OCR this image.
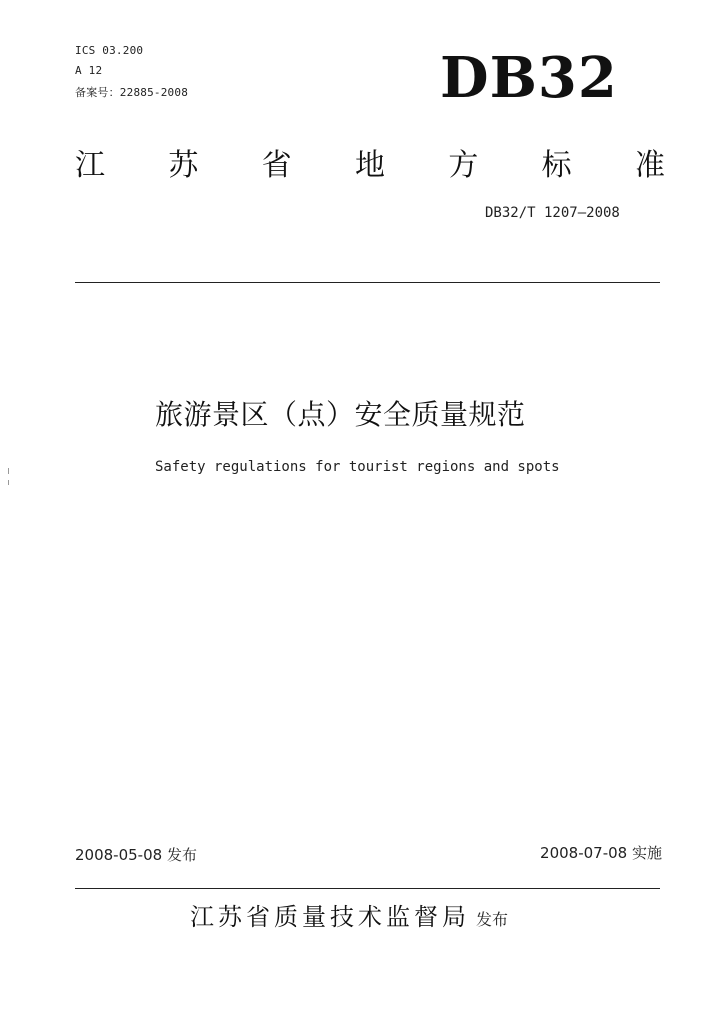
ICS 03.200
A 12
备案号：22885-2008	DB32
江 苏 省 地 方 标 准
DB32/T 1207—2008
旅游景区（点）安全质量规范
Safety regulations for tourist regions and spots
2008-05-08 发布	2008-07-08 实施
江苏省质量技术监督局 发布
